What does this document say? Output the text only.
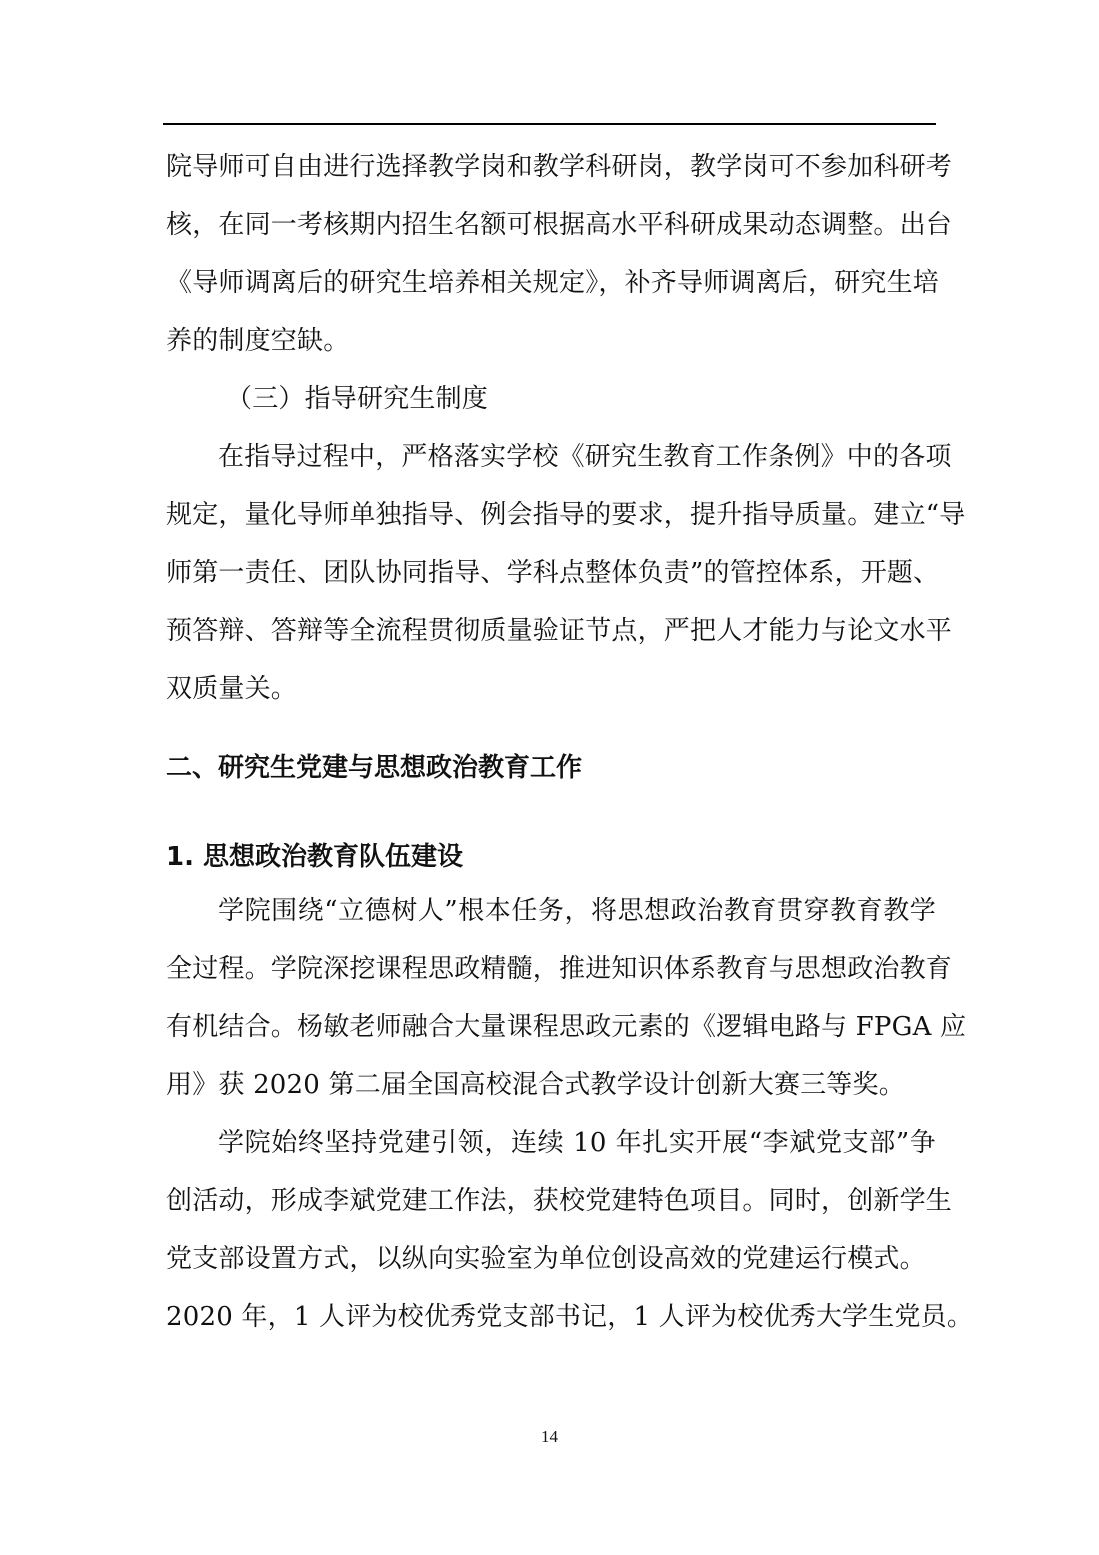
院导师可自由进行选择教学岗和教学科研岗，教学岗可不参加科研考
核，在同一考核期内招生名额可根据高水平科研成果动态调整。出台
《导师调离后的研究生培养相关规定》，补齐导师调离后，研究生培
养的制度空缺。
（三）指导研究生制度
在指导过程中，严格落实学校《研究生教育工作条例》中的各项
规定，量化导师单独指导、例会指导的要求，提升指导质量。建立“导
师第一责任、团队协同指导、学科点整体负责”的管控体系，开题、
预答辩、答辩等全流程贯彻质量验证节点，严把人才能力与论文水平
双质量关。
二、研究生党建与思想政治教育工作
1. 思想政治教育队伍建设
学院围绕“立德树人”根本任务，将思想政治教育贯穿教育教学
全过程。学院深挖课程思政精髓，推进知识体系教育与思想政治教育
有机结合。杨敏老师融合大量课程思政元素的《逻辑电路与 FPGA 应
用》获 2020 第二届全国高校混合式教学设计创新大赛三等奖。
学院始终坚持党建引领，连续 10 年扎实开展“李斌党支部”争
创活动，形成李斌党建工作法，获校党建特色项目。同时，创新学生
党支部设置方式，以纵向实验室为单位创设高效的党建运行模式。
2020 年，1 人评为校优秀党支部书记，1 人评为校优秀大学生党员。
14
